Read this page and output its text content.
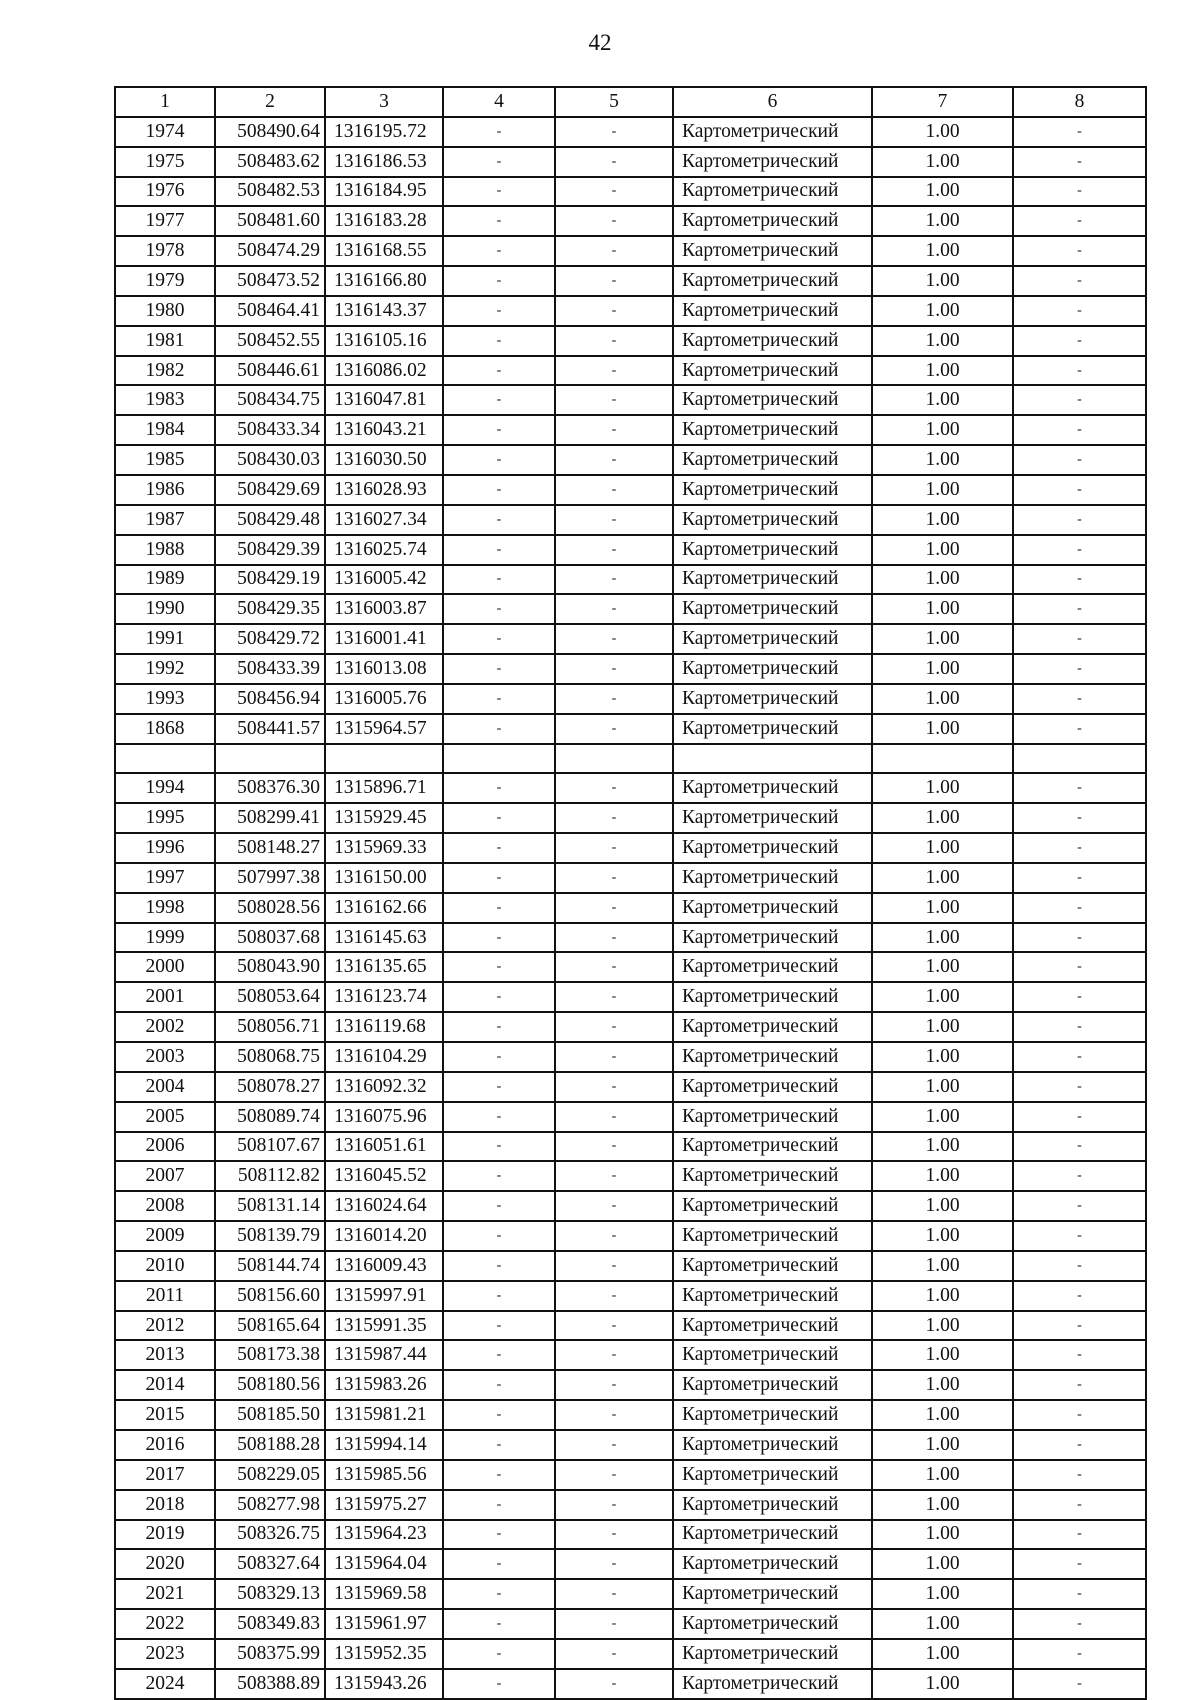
42
1	2	3	4	5	6	7	8
1974	508490.64	1316195.72	-	-	Картометрический	1.00	-
1975	508483.62	1316186.53	-	-	Картометрический	1.00	-
1976	508482.53	1316184.95	-	-	Картометрический	1.00	-
1977	508481.60	1316183.28	-	-	Картометрический	1.00	-
1978	508474.29	1316168.55	-	-	Картометрический	1.00	-
1979	508473.52	1316166.80	-	-	Картометрический	1.00	-
1980	508464.41	1316143.37	-	-	Картометрический	1.00	-
1981	508452.55	1316105.16	-	-	Картометрический	1.00	-
1982	508446.61	1316086.02	-	-	Картометрический	1.00	-
1983	508434.75	1316047.81	-	-	Картометрический	1.00	-
1984	508433.34	1316043.21	-	-	Картометрический	1.00	-
1985	508430.03	1316030.50	-	-	Картометрический	1.00	-
1986	508429.69	1316028.93	-	-	Картометрический	1.00	-
1987	508429.48	1316027.34	-	-	Картометрический	1.00	-
1988	508429.39	1316025.74	-	-	Картометрический	1.00	-
1989	508429.19	1316005.42	-	-	Картометрический	1.00	-
1990	508429.35	1316003.87	-	-	Картометрический	1.00	-
1991	508429.72	1316001.41	-	-	Картометрический	1.00	-
1992	508433.39	1316013.08	-	-	Картометрический	1.00	-
1993	508456.94	1316005.76	-	-	Картометрический	1.00	-
1868	508441.57	1315964.57	-	-	Картометрический	1.00	-

1994	508376.30	1315896.71	-	-	Картометрический	1.00	-
1995	508299.41	1315929.45	-	-	Картометрический	1.00	-
1996	508148.27	1315969.33	-	-	Картометрический	1.00	-
1997	507997.38	1316150.00	-	-	Картометрический	1.00	-
1998	508028.56	1316162.66	-	-	Картометрический	1.00	-
1999	508037.68	1316145.63	-	-	Картометрический	1.00	-
2000	508043.90	1316135.65	-	-	Картометрический	1.00	-
2001	508053.64	1316123.74	-	-	Картометрический	1.00	-
2002	508056.71	1316119.68	-	-	Картометрический	1.00	-
2003	508068.75	1316104.29	-	-	Картометрический	1.00	-
2004	508078.27	1316092.32	-	-	Картометрический	1.00	-
2005	508089.74	1316075.96	-	-	Картометрический	1.00	-
2006	508107.67	1316051.61	-	-	Картометрический	1.00	-
2007	508112.82	1316045.52	-	-	Картометрический	1.00	-
2008	508131.14	1316024.64	-	-	Картометрический	1.00	-
2009	508139.79	1316014.20	-	-	Картометрический	1.00	-
2010	508144.74	1316009.43	-	-	Картометрический	1.00	-
2011	508156.60	1315997.91	-	-	Картометрический	1.00	-
2012	508165.64	1315991.35	-	-	Картометрический	1.00	-
2013	508173.38	1315987.44	-	-	Картометрический	1.00	-
2014	508180.56	1315983.26	-	-	Картометрический	1.00	-
2015	508185.50	1315981.21	-	-	Картометрический	1.00	-
2016	508188.28	1315994.14	-	-	Картометрический	1.00	-
2017	508229.05	1315985.56	-	-	Картометрический	1.00	-
2018	508277.98	1315975.27	-	-	Картометрический	1.00	-
2019	508326.75	1315964.23	-	-	Картометрический	1.00	-
2020	508327.64	1315964.04	-	-	Картометрический	1.00	-
2021	508329.13	1315969.58	-	-	Картометрический	1.00	-
2022	508349.83	1315961.97	-	-	Картометрический	1.00	-
2023	508375.99	1315952.35	-	-	Картометрический	1.00	-
2024	508388.89	1315943.26	-	-	Картометрический	1.00	-
